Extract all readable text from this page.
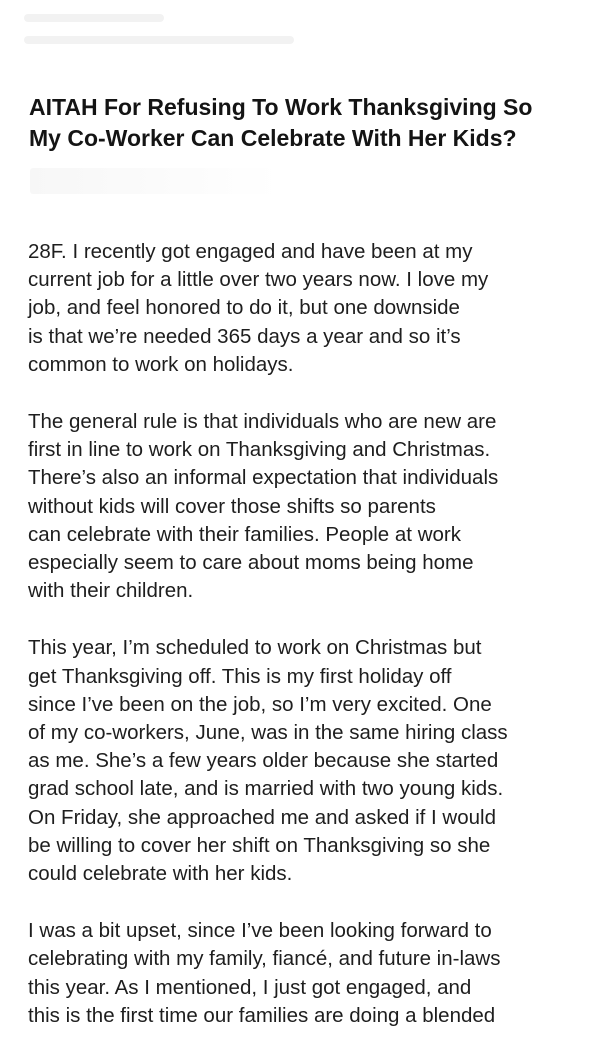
AITAH For Refusing To Work Thanksgiving So
My Co-Worker Can Celebrate With Her Kids?

28F. I recently got engaged and have been at my
current job for a little over two years now. I love my
job, and feel honored to do it, but one downside
is that we’re needed 365 days a year and so it’s
common to work on holidays.

The general rule is that individuals who are new are
first in line to work on Thanksgiving and Christmas.
There’s also an informal expectation that individuals
without kids will cover those shifts so parents
can celebrate with their families. People at work
especially seem to care about moms being home
with their children.

This year, I’m scheduled to work on Christmas but
get Thanksgiving off. This is my first holiday off
since I’ve been on the job, so I’m very excited. One
of my co-workers, June, was in the same hiring class
as me. She’s a few years older because she started
grad school late, and is married with two young kids.
On Friday, she approached me and asked if I would
be willing to cover her shift on Thanksgiving so she
could celebrate with her kids.

I was a bit upset, since I’ve been looking forward to
celebrating with my family, fiancé, and future in-laws
this year. As I mentioned, I just got engaged, and
this is the first time our families are doing a blended
